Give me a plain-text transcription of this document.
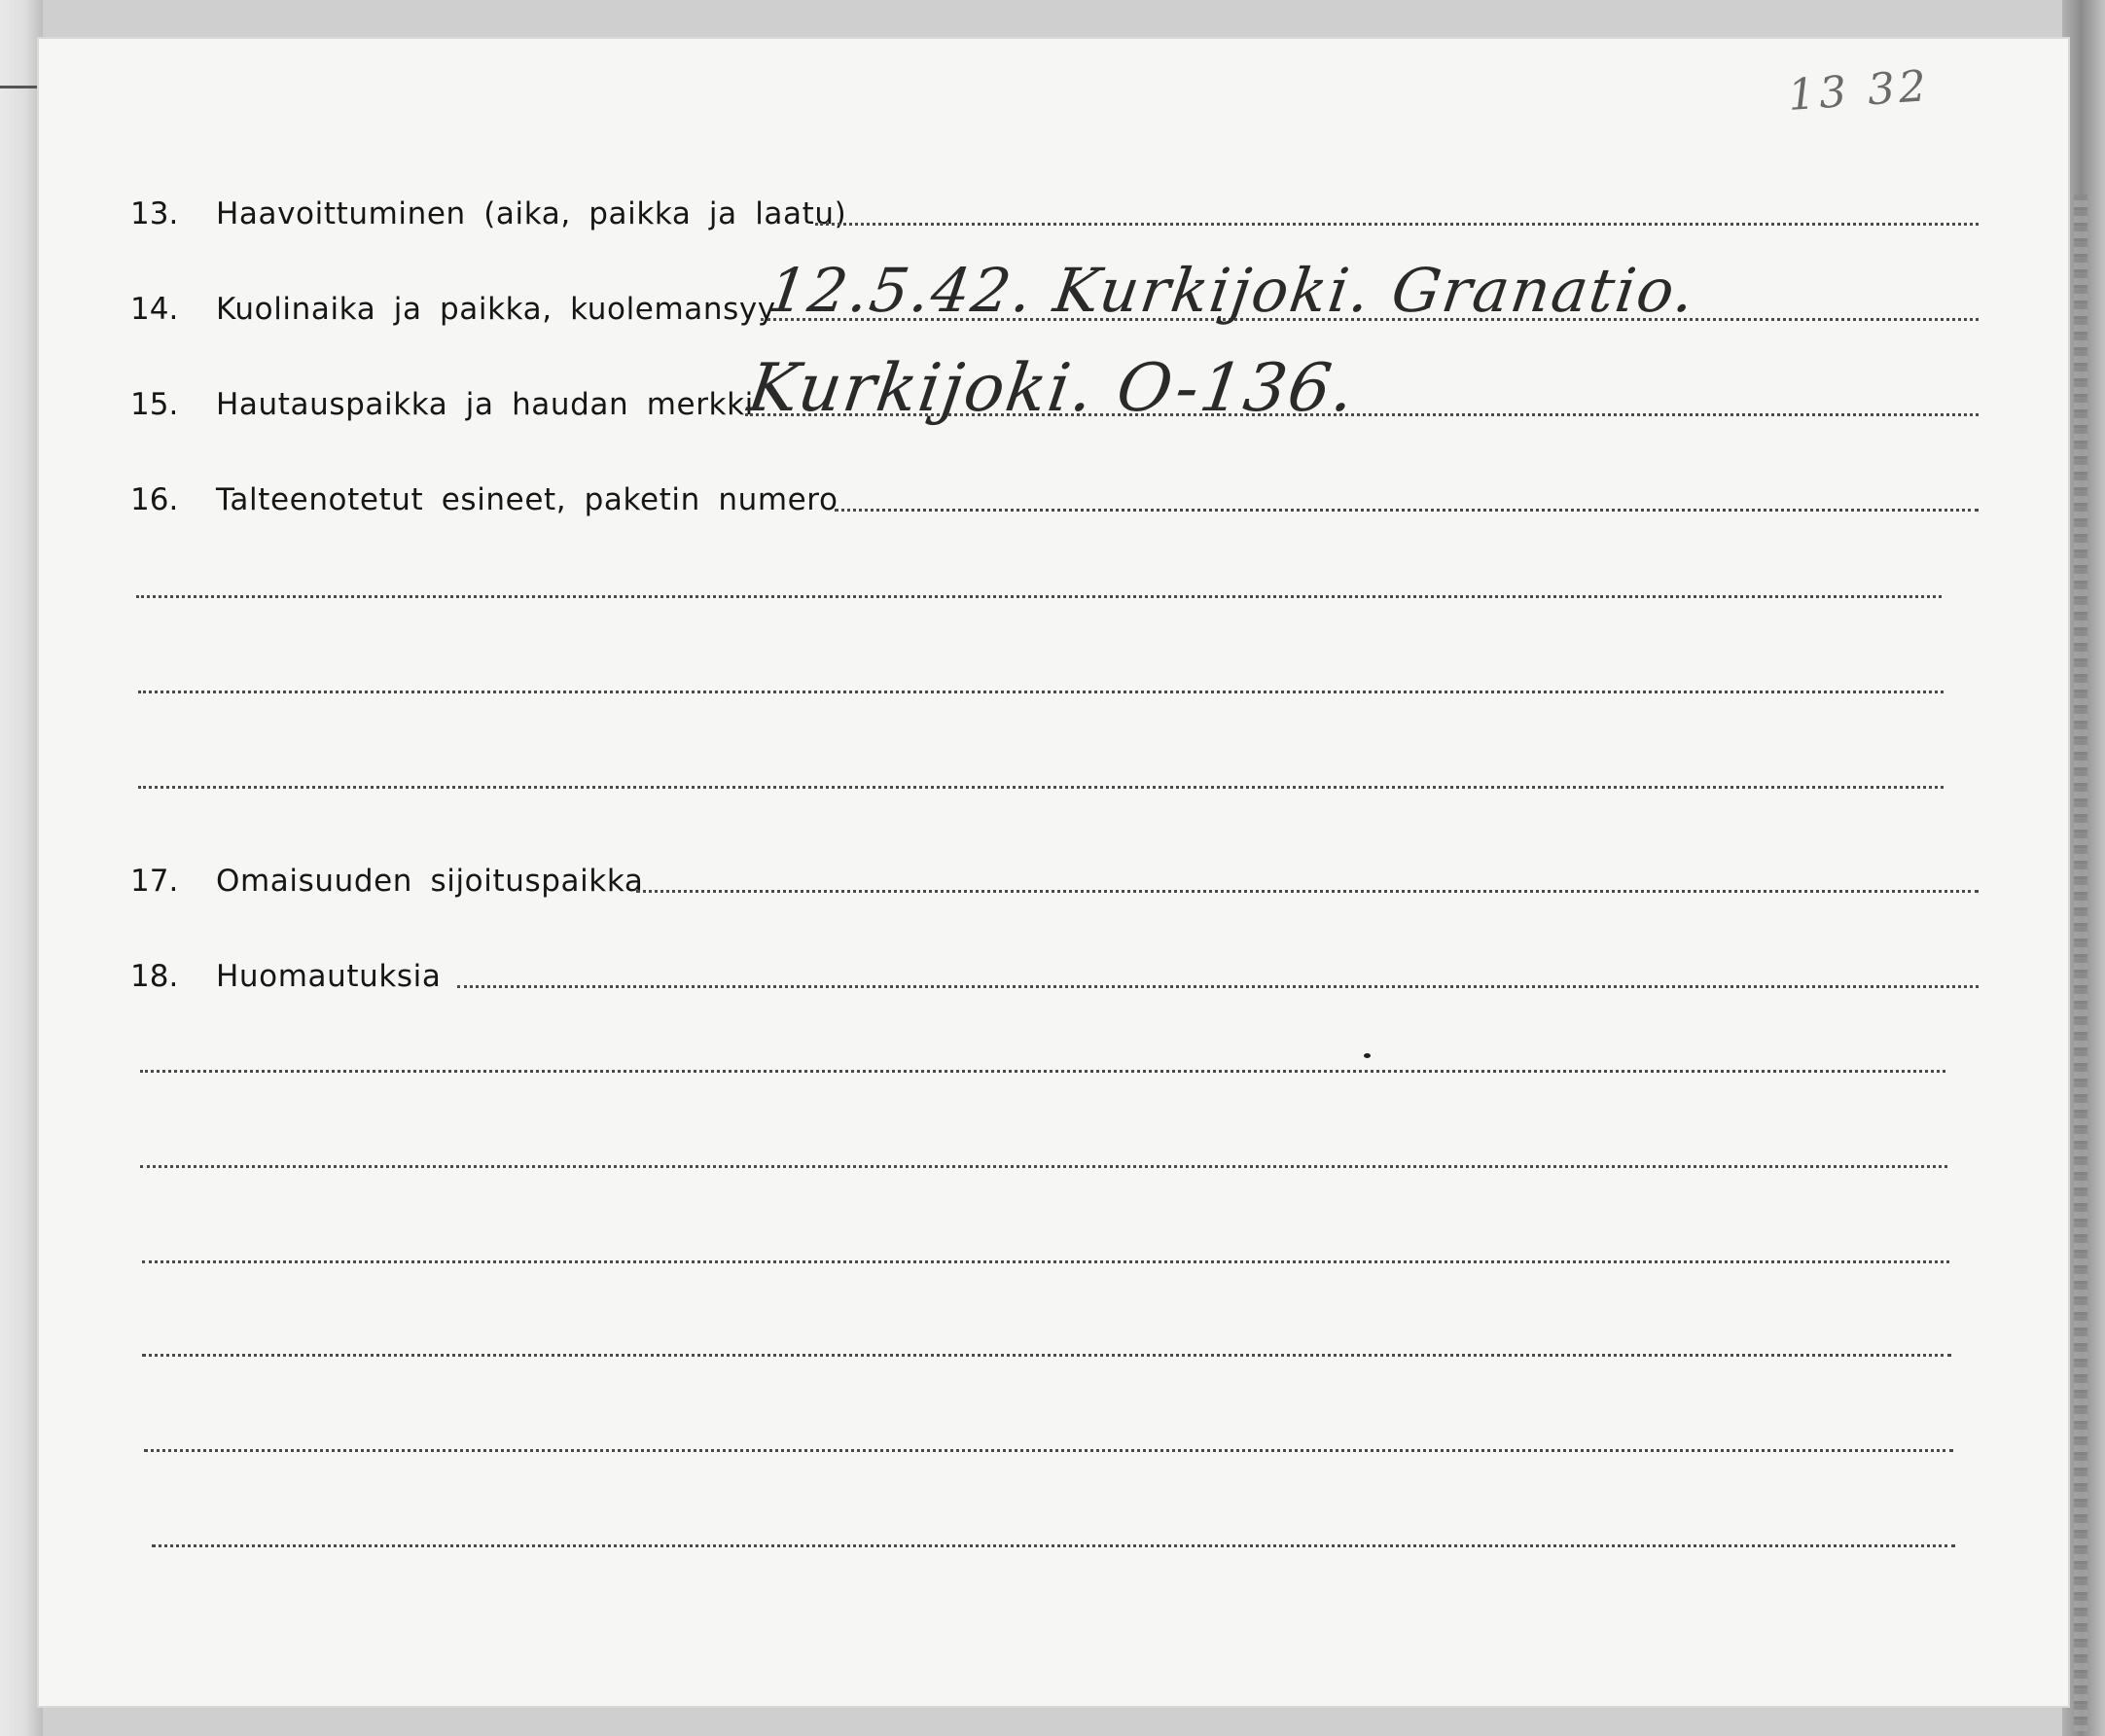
13 32
13. Haavoittuminen (aika, paikka ja laatu)
14. Kuolinaika ja paikka, kuolemansyy
12.5.42. Kurkijoki. Granatio.
15. Hautauspaikka ja haudan merkki
Kurkijoki. O-136.
16. Talteenotetut esineet, paketin numero
17. Omaisuuden sijoituspaikka
18. Huomautuksia
